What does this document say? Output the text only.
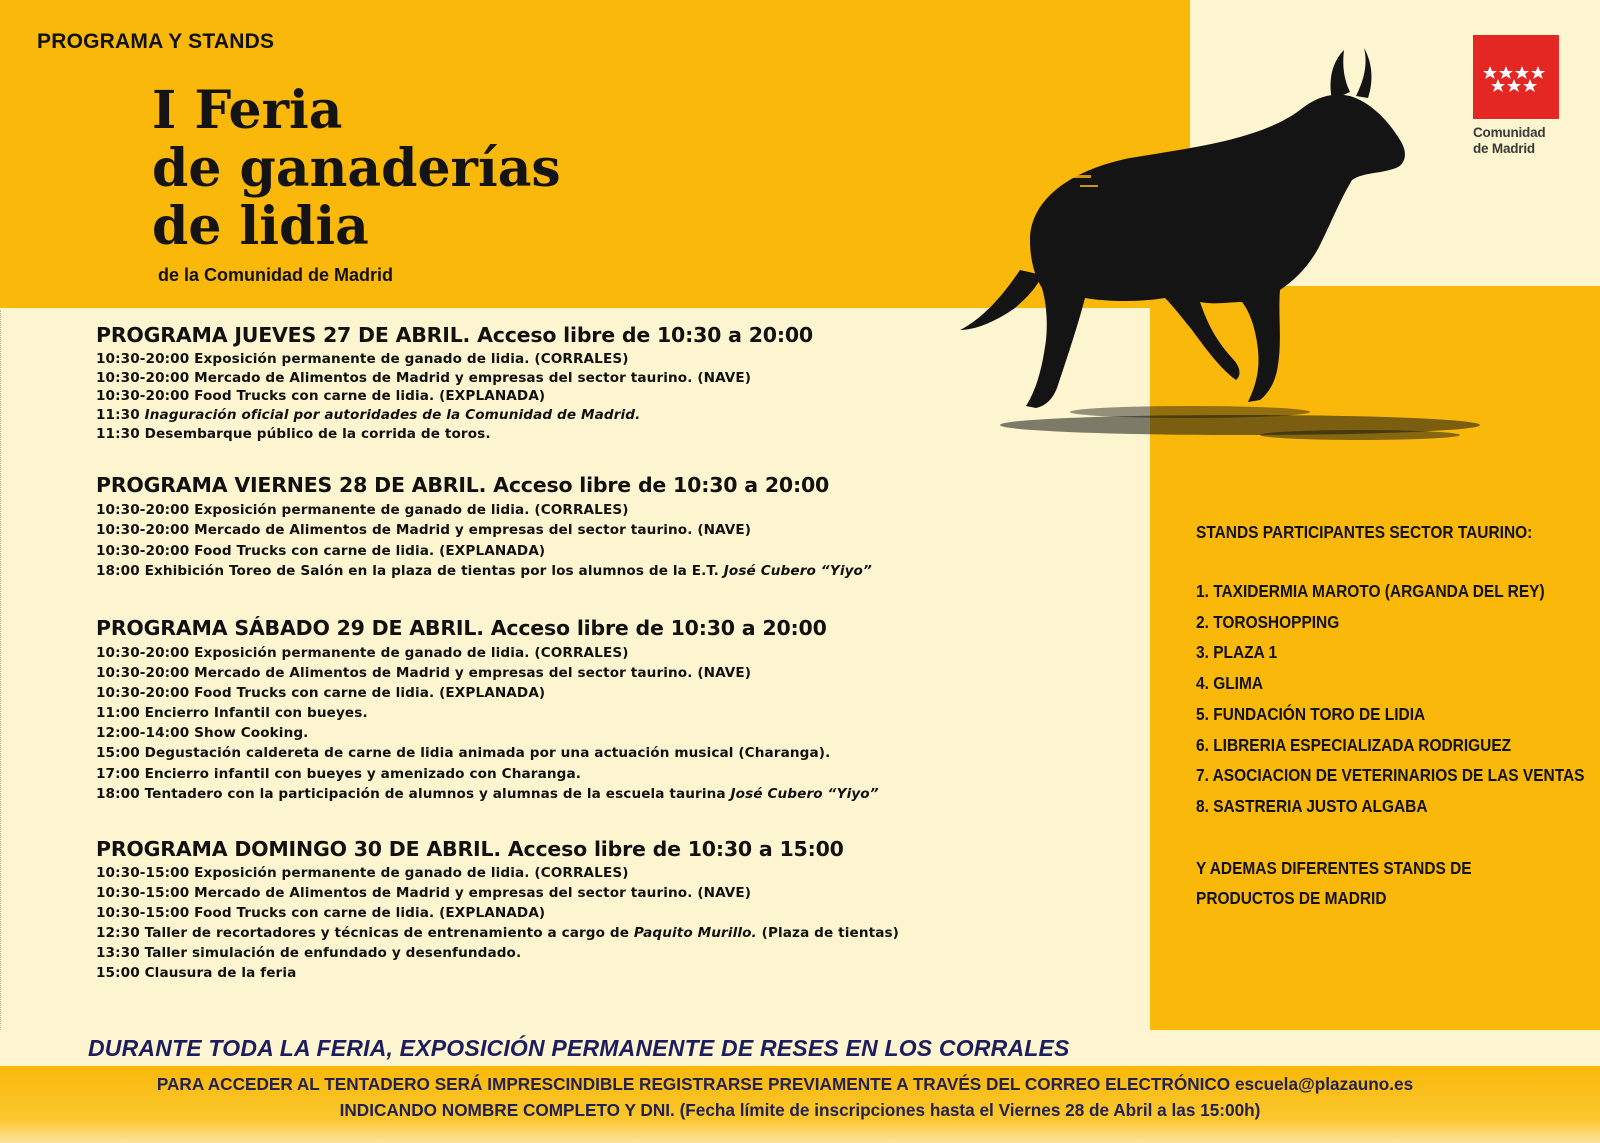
PROGRAMA Y STANDS
I Feria
de ganaderías
de lidia
de la Comunidad de Madrid
Comunidad
de Madrid
PROGRAMA JUEVES 27 DE ABRIL. Acceso libre de 10:30 a 20:00
10:30-20:00 Exposición permanente de ganado de lidia. (CORRALES)
10:30-20:00 Mercado de Alimentos de Madrid y empresas del sector taurino. (NAVE)
10:30-20:00 Food Trucks con carne de lidia. (EXPLANADA)
11:30 Inaguración oficial por autoridades de la Comunidad de Madrid.
11:30 Desembarque público de la corrida de toros.
PROGRAMA VIERNES 28 DE ABRIL. Acceso libre de 10:30 a 20:00
10:30-20:00 Exposición permanente de ganado de lidia. (CORRALES)
10:30-20:00 Mercado de Alimentos de Madrid y empresas del sector taurino. (NAVE)
10:30-20:00 Food Trucks con carne de lidia. (EXPLANADA)
18:00 Exhibición Toreo de Salón en la plaza de tientas por los alumnos de la E.T. José Cubero “Yiyo”
PROGRAMA SÁBADO 29 DE ABRIL. Acceso libre de 10:30 a 20:00
10:30-20:00 Exposición permanente de ganado de lidia. (CORRALES)
10:30-20:00 Mercado de Alimentos de Madrid y empresas del sector taurino. (NAVE)
10:30-20:00 Food Trucks con carne de lidia. (EXPLANADA)
11:00 Encierro Infantil con bueyes.
12:00-14:00 Show Cooking.
15:00 Degustación caldereta de carne de lidia animada por una actuación musical (Charanga).
17:00 Encierro infantil con bueyes y amenizado con Charanga.
18:00 Tentadero con la participación de alumnos y alumnas de la escuela taurina José Cubero “Yiyo”
PROGRAMA DOMINGO 30 DE ABRIL. Acceso libre de 10:30 a 15:00
10:30-15:00 Exposición permanente de ganado de lidia. (CORRALES)
10:30-15:00 Mercado de Alimentos de Madrid y empresas del sector taurino. (NAVE)
10:30-15:00 Food Trucks con carne de lidia. (EXPLANADA)
12:30 Taller de recortadores y técnicas de entrenamiento a cargo de Paquito Murillo. (Plaza de tientas)
13:30 Taller simulación de enfundado y desenfundado.
15:00 Clausura de la feria

STANDS PARTICIPANTES SECTOR TAURINO:

1. TAXIDERMIA MAROTO (ARGANDA DEL REY)
2. TOROSHOPPING
3. PLAZA 1
4. GLIMA
5. FUNDACIÓN TORO DE LIDIA
6. LIBRERIA ESPECIALIZADA RODRIGUEZ
7. ASOCIACION DE VETERINARIOS DE LAS VENTAS
8. SASTRERIA JUSTO ALGABA
Y ADEMAS DIFERENTES STANDS DE
PRODUCTOS DE MADRID

DURANTE TODA LA FERIA, EXPOSICIÓN PERMANENTE DE RESES EN LOS CORRALES

PARA ACCEDER AL TENTADERO SERÁ IMPRESCINDIBLE REGISTRARSE PREVIAMENTE A TRAVÉS DEL CORREO ELECTRÓNICO escuela@plazauno.es
INDICANDO NOMBRE COMPLETO Y DNI. (Fecha límite de inscripciones hasta el Viernes 28 de Abril a las 15:00h)
